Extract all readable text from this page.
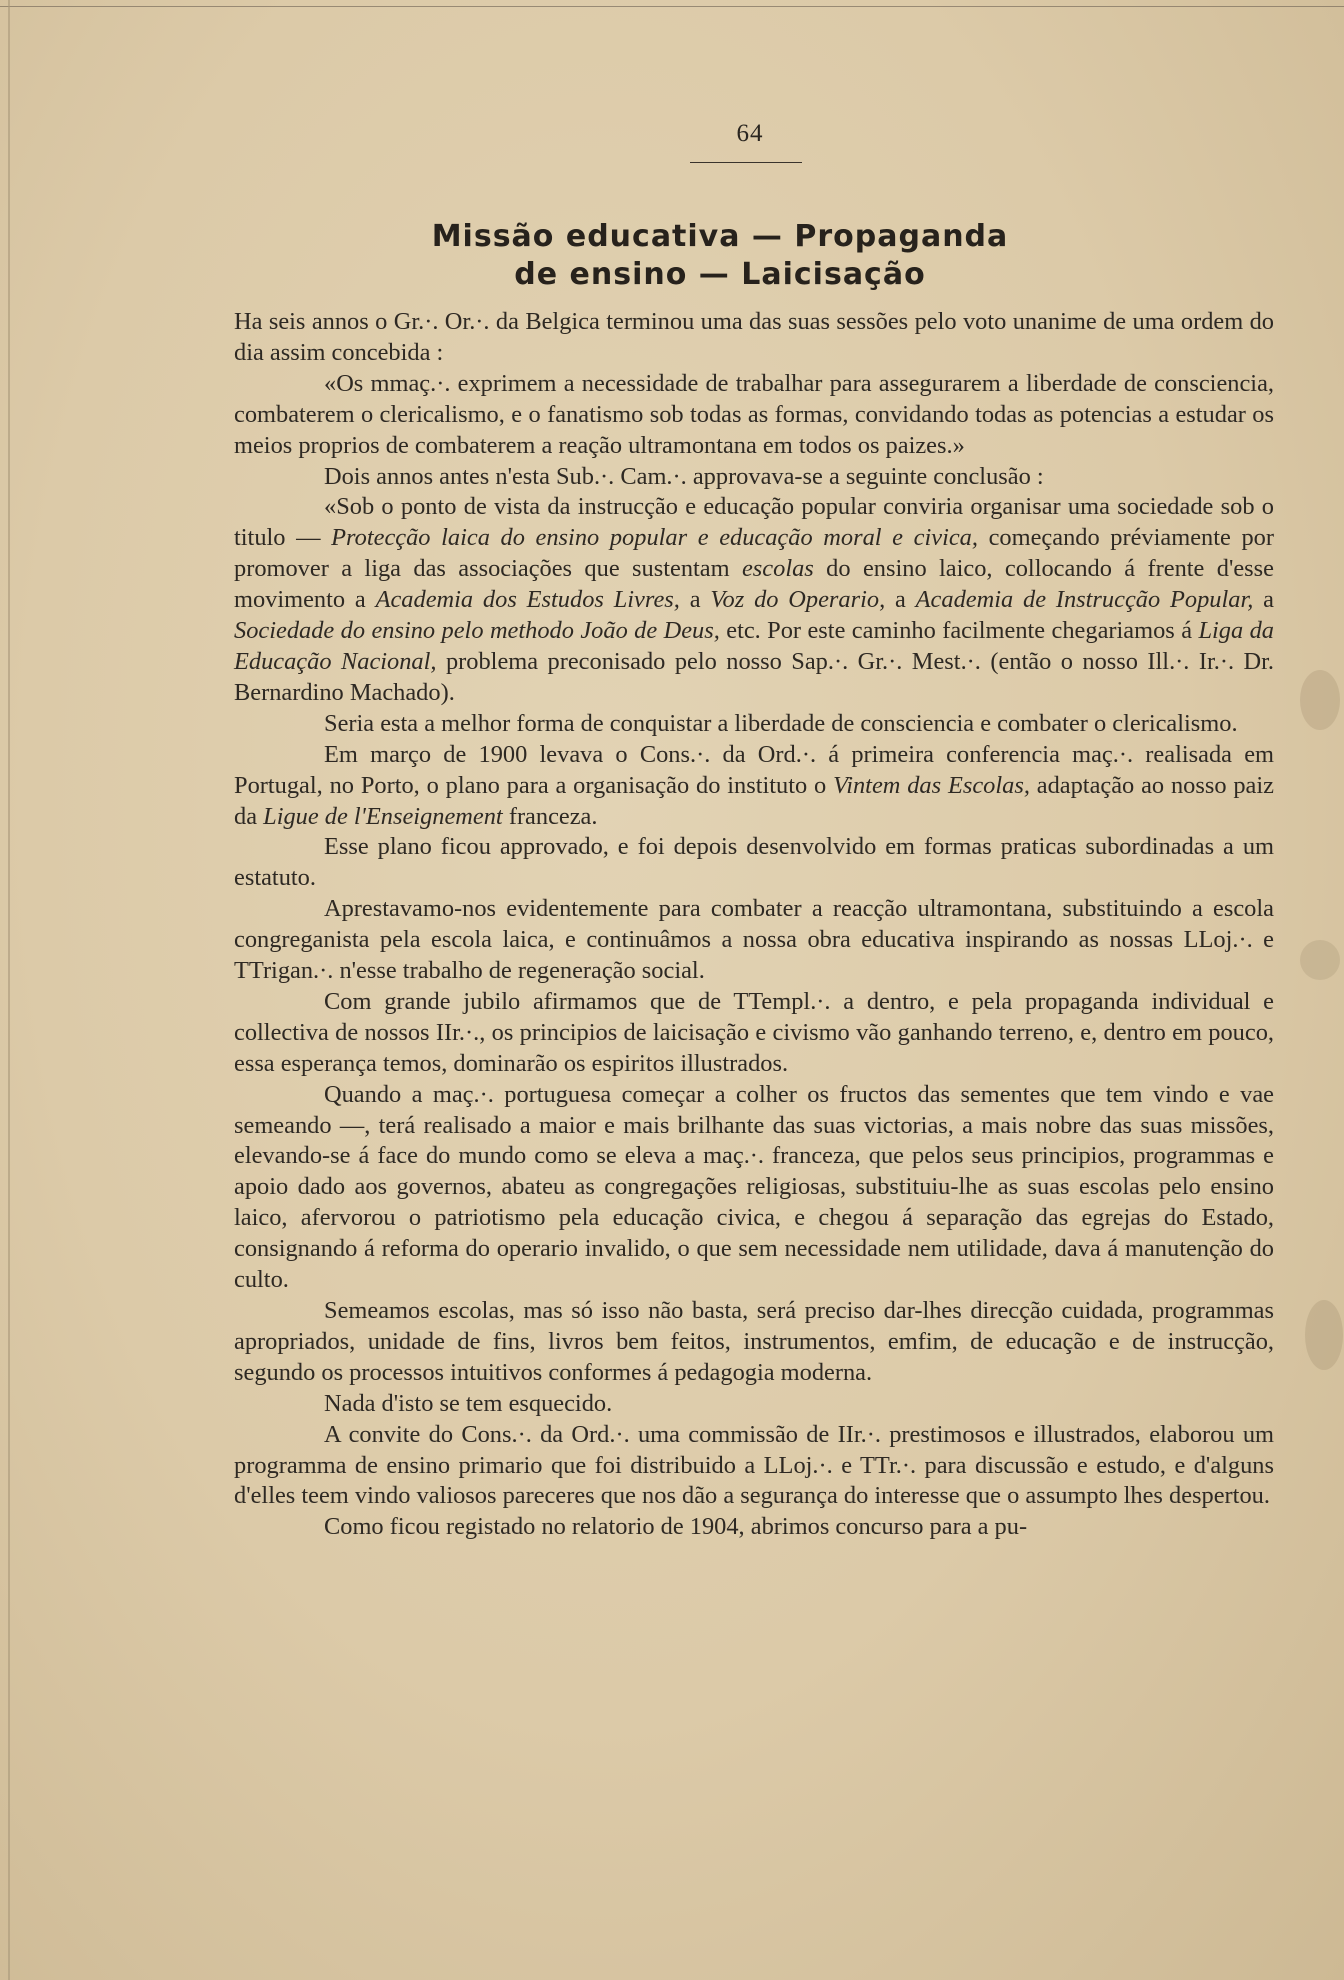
64
Missão educativa — Propaganda
de ensino — Laicisação

Ha seis annos o Gr.·. Or.·. da Belgica terminou uma das suas sessões pelo voto unanime de uma ordem do dia assim concebida :

«Os mmaç.·. exprimem a necessidade de trabalhar para assegurarem a liberdade de consciencia, combaterem o clericalismo, e o fanatismo sob todas as formas, convidando todas as potencias a estudar os meios proprios de combaterem a reação ultramontana em todos os paizes.»

Dois annos antes n'esta Sub.·. Cam.·. approvava-se a seguinte conclusão :

«Sob o ponto de vista da instrucção e educação popular conviria organisar uma sociedade sob o titulo — Protecção laica do ensino popular e educação moral e civica, começando préviamente por promover a liga das associações que sustentam escolas do ensino laico, collocando á frente d'esse movimento a Academia dos Estudos Livres, a Voz do Operario, a Academia de Instrucção Popular, a Sociedade do ensino pelo methodo João de Deus, etc. Por este caminho facilmente chegariamos á Liga da Educação Nacional, problema preconisado pelo nosso Sap.·. Gr.·. Mest.·. (então o nosso Ill.·. Ir.·. Dr. Bernardino Machado).

Seria esta a melhor forma de conquistar a liberdade de consciencia e combater o clericalismo.

Em março de 1900 levava o Cons.·. da Ord.·. á primeira conferencia maç.·. realisada em Portugal, no Porto, o plano para a organisação do instituto o Vintem das Escolas, adaptação ao nosso paiz da Ligue de l'Enseignement franceza.

Esse plano ficou approvado, e foi depois desenvolvido em formas praticas subordinadas a um estatuto.

Aprestavamo-nos evidentemente para combater a reacção ultramontana, substituindo a escola congreganista pela escola laica, e continuâmos a nossa obra educativa inspirando as nossas LLoj.·. e TTrigan.·. n'esse trabalho de regeneração social.

Com grande jubilo afirmamos que de TTempl.·. a dentro, e pela propaganda individual e collectiva de nossos IIr.·., os principios de laicisação e civismo vão ganhando terreno, e, dentro em pouco, essa esperança temos, dominarão os espiritos illustrados.

Quando a maç.·. portuguesa começar a colher os fructos das sementes que tem vindo e vae semeando —, terá realisado a maior e mais brilhante das suas victorias, a mais nobre das suas missões, elevando-se á face do mundo como se eleva a maç.·. franceza, que pelos seus principios, programmas e apoio dado aos governos, abateu as congregações religiosas, substituiu-lhe as suas escolas pelo ensino laico, afervorou o patriotismo pela educação civica, e chegou á separação das egrejas do Estado, consignando á reforma do operario invalido, o que sem necessidade nem utilidade, dava á manutenção do culto.

Semeamos escolas, mas só isso não basta, será preciso dar-lhes direcção cuidada, programmas apropriados, unidade de fins, livros bem feitos, instrumentos, emfim, de educação e de instrucção, segundo os processos intuitivos conformes á pedagogia moderna.

Nada d'isto se tem esquecido.

A convite do Cons.·. da Ord.·. uma commissão de IIr.·. prestimosos e illustrados, elaborou um programma de ensino primario que foi distribuido a LLoj.·. e TTr.·. para discussão e estudo, e d'alguns d'elles teem vindo valiosos pareceres que nos dão a segurança do interesse que o assumpto lhes despertou.

Como ficou registado no relatorio de 1904, abrimos concurso para a pu-
